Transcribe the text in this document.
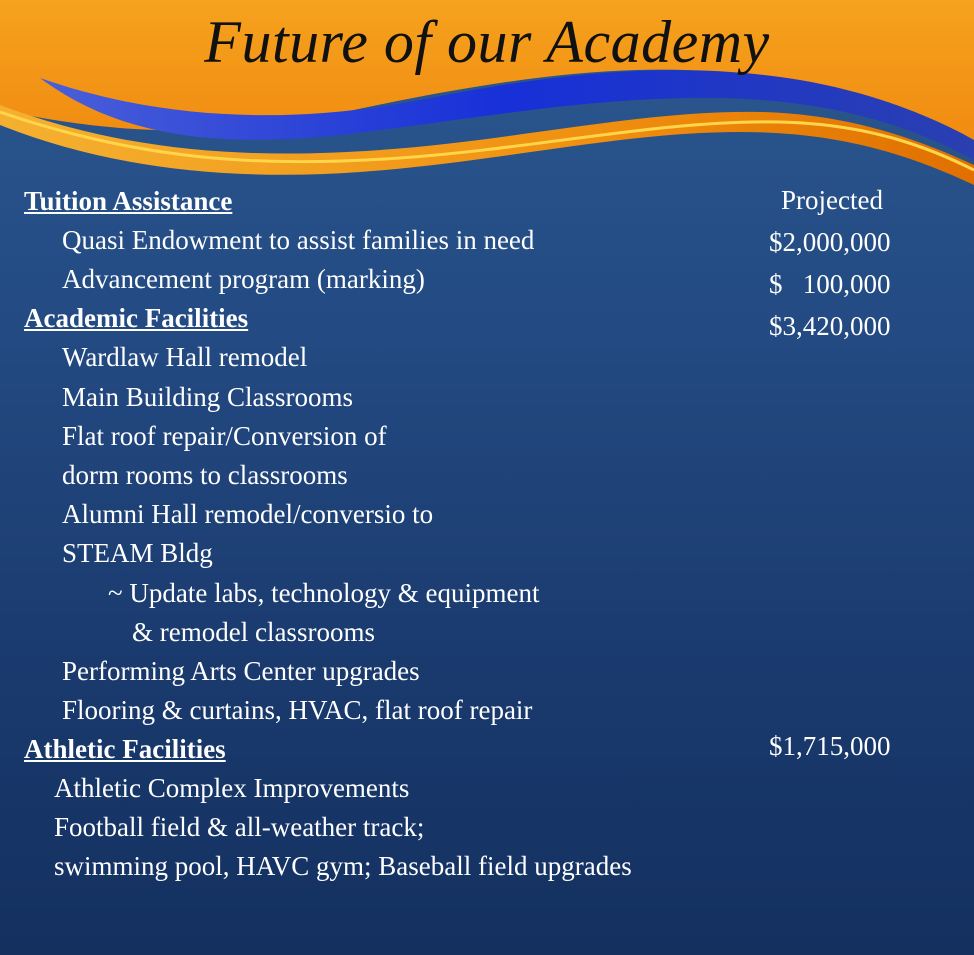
Future of our Academy
Projected
Tuition Assistance
Quasi Endowment to assist families in need	$2,000,000
Advancement program (marking)	$   100,000
Academic Facilities	$3,420,000
Wardlaw Hall remodel
Main Building Classrooms
Flat roof repair/Conversion of
dorm rooms to classrooms
Alumni Hall remodel/conversio to
STEAM Bldg
~ Update labs, technology & equipment
& remodel classrooms
Performing Arts Center upgrades
Flooring & curtains, HVAC, flat roof repair
Athletic Facilities	$1,715,000
Athletic Complex Improvements
Football field & all-weather track;
swimming pool, HAVC gym; Baseball field upgrades
